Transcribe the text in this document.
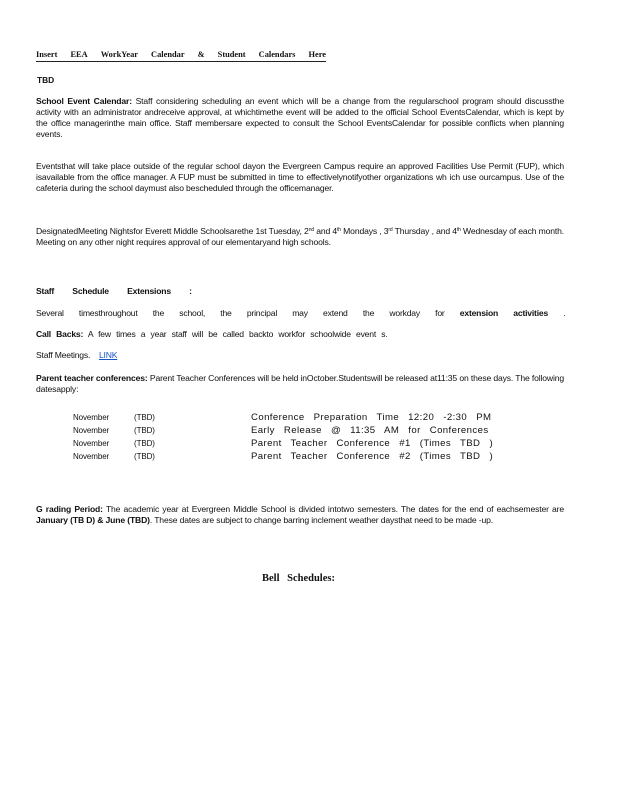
Insert EEA WorkYear Calendar & Student Calendars Here
TBD
School Event Calendar: Staff considering scheduling an event which will be a change from the regularschool program should discussthe activity with an administrator andreceive approval, at whichtimethe event will be added to the official School EventsCalendar, which is kept by the office managerinthe main office. Staff membersare expected to consult the School EventsCalendar for possible conflicts when planning events.
Eventsthat will take place outside of the regular school dayon the Evergreen Campus require an approved Facilities Use Permit (FUP), which isavailable from the office manager. A FUP must be submitted in time to effectivelynotifyother organizations wh ich use ourcampus. Use of the cafeteria during the school daymust also bescheduled through the officemanager.
DesignatedMeeting Nightsfor Everett Middle Schoolsarethe 1st Tuesday, 2nd and 4th Mondays , 3rd Thursday , and 4th Wednesday of each month. Meeting on any other night requires approval of our elementaryand high schools.
Staff Schedule Extensions :
Several timesthroughout the school, the principal may extend the workday for extension activities .
Call Backs: A few times a year staff will be called backto workfor schoolwide event s.
Staff Meetings. LINK
Parent teacher conferences: Parent Teacher Conferences will be held inOctober.Studentswill be released at11:35 on these days. The following datesapply:
November	(TBD)	Conference Preparation Time 12:20 -2:30 PM
November	(TBD)	Early Release @ 11:35 AM for Conferences
November	(TBD)	Parent Teacher Conference #1 (Times TBD )
November	(TBD)	Parent Teacher Conference #2 (Times TBD )
G rading Period: The academic year at Evergreen Middle School is divided intotwo semesters. The dates for the end of eachsemester are January (TB D) & June (TBD). These dates are subject to change barring inclement weather daysthat need to be made -up.
Bell Schedules:
